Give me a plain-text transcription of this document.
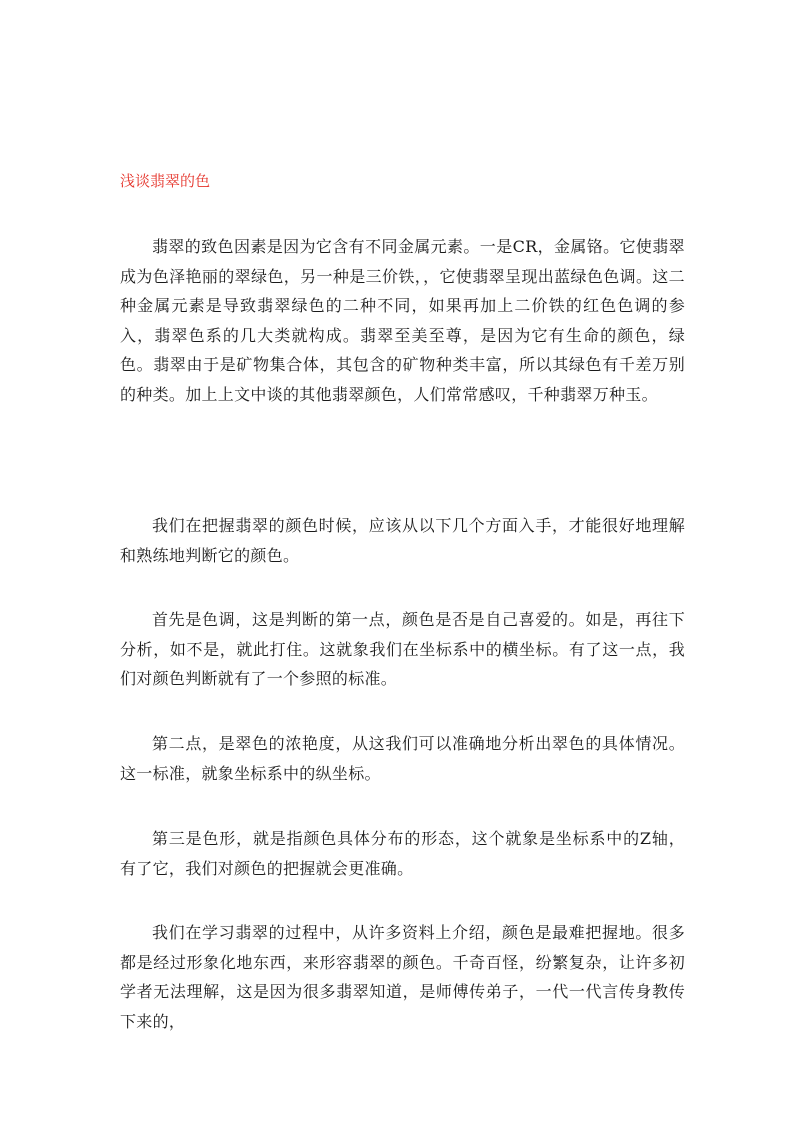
浅谈翡翠的色

翡翠的致色因素是因为它含有不同金属元素。一是CR，金属铬。它使翡翠成为色泽艳丽的翠绿色，另一种是三价铁，，它使翡翠呈现出蓝绿色色调。这二种金属元素是导致翡翠绿色的二种不同，如果再加上二价铁的红色色调的参入，翡翠色系的几大类就构成。翡翠至美至尊，是因为它有生命的颜色，绿色。翡翠由于是矿物集合体，其包含的矿物种类丰富，所以其绿色有千差万别的种类。加上上文中谈的其他翡翠颜色，人们常常感叹，千种翡翠万种玉。

我们在把握翡翠的颜色时候，应该从以下几个方面入手，才能很好地理解和熟练地判断它的颜色。

首先是色调，这是判断的第一点，颜色是否是自己喜爱的。如是，再往下分析，如不是，就此打住。这就象我们在坐标系中的横坐标。有了这一点，我们对颜色判断就有了一个参照的标准。

第二点，是翠色的浓艳度，从这我们可以准确地分析出翠色的具体情况。这一标准，就象坐标系中的纵坐标。

第三是色形，就是指颜色具体分布的形态，这个就象是坐标系中的Z轴，有了它，我们对颜色的把握就会更准确。

我们在学习翡翠的过程中，从许多资料上介绍，颜色是最难把握地。很多都是经过形象化地东西，来形容翡翠的颜色。千奇百怪，纷繁复杂，让许多初学者无法理解，这是因为很多翡翠知道，是师傅传弟子，一代一代言传身教传下来的，
